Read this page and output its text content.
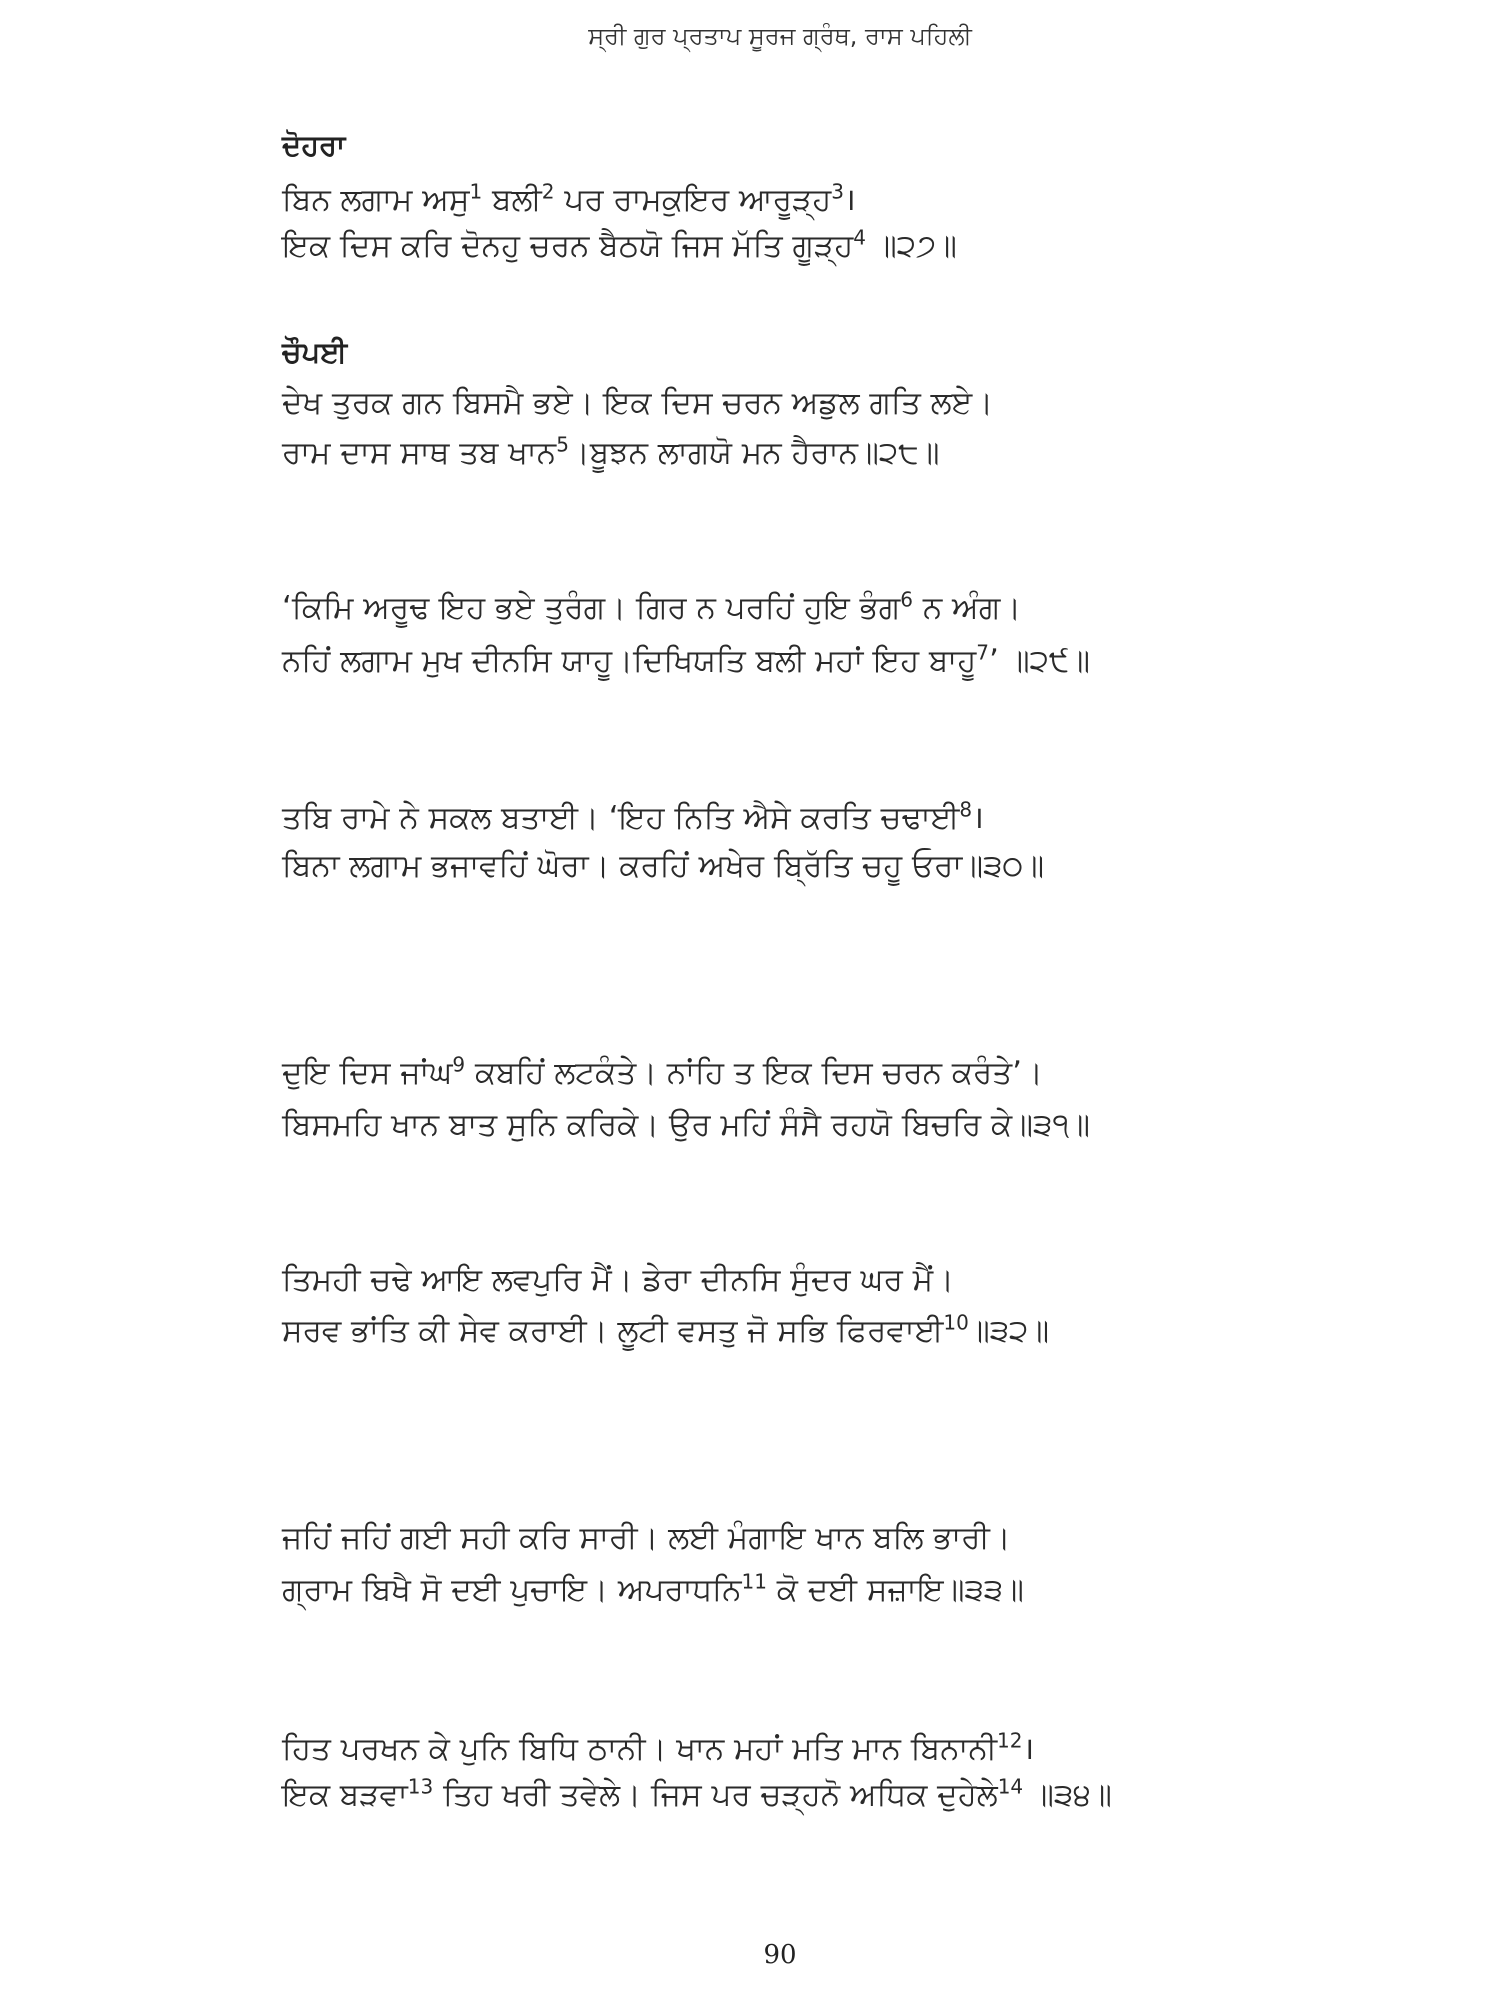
ਸ੍ਰੀ ਗੁਰ ਪ੍ਰਤਾਪ ਸੂਰਜ ਗ੍ਰੰਥ, ਰਾਸ ਪਹਿਲੀ
ਦੋਹਰਾ
ਬਿਨ ਲਗਾਮ ਅਸੁ$^1$ ਬਲੀ$^2$ ਪਰ ਰਾਮਕੁਇਰ ਆਰੂੜ੍ਹ$^3$।
ਇਕ ਦਿਸ ਕਰਿ ਦੋਨਹੁ ਚਰਨ ਬੈਠਯੋ ਜਿਸ ਮੱਤਿ ਗੂੜ੍ਹ$^4$ ॥੨੭॥
ਚੌਪਈ
ਦੇਖ ਤੁਰਕ ਗਨ ਬਿਸਮੈ ਭਏ। ਇਕ ਦਿਸ ਚਰਨ ਅਡੁਲ ਗਤਿ ਲਏ।
ਰਾਮ ਦਾਸ ਸਾਥ ਤਬ ਖਾਨ$^5$।ਬੂਝਨ ਲਾਗਯੋ ਮਨ ਹੈਰਾਨ॥੨੮॥
‘ਕਿਮਿ ਅਰੂਢ ਇਹ ਭਏ ਤੁਰੰਗ। ਗਿਰ ਨ ਪਰਹਿਂ ਹੁਇ ਭੰਗ$^6$ ਨ ਅੰਗ।
ਨਹਿਂ ਲਗਾਮ ਮੁਖ ਦੀਨਸਿ ਯਾਹੂ।ਦਿਖਿਯਤਿ ਬਲੀ ਮਹਾਂ ਇਹ ਬਾਹੂ$^7$’ ॥੨੯॥
ਤਬਿ ਰਾਮੇ ਨੇ ਸਕਲ ਬਤਾਈ। ‘ਇਹ ਨਿਤਿ ਐਸੇ ਕਰਤਿ ਚਢਾਈ$^8$।
ਬਿਨਾ ਲਗਾਮ ਭਜਾਵਹਿਂ ਘੋਰਾ। ਕਰਹਿਂ ਅਖੇਰ ਬ੍ਰਿੱਤਿ ਚਹੂ ਓਰਾ॥੩੦॥
ਦੁਇ ਦਿਸ ਜਾਂਘ$^9$ ਕਬਹਿਂ ਲਟਕੰਤੇ। ਨਾਂਹਿ ਤ ਇਕ ਦਿਸ ਚਰਨ ਕਰੰਤੇ’।
ਬਿਸਮਹਿ ਖਾਨ ਬਾਤ ਸੁਨਿ ਕਰਿਕੇ। ਉਰ ਮਹਿਂ ਸੰਸੈ ਰਹਯੋ ਬਿਚਰਿ ਕੇ॥੩੧॥
ਤਿਮਹੀ ਚਢੇ ਆਇ ਲਵਪੁਰਿ ਮੈਂ। ਡੇਰਾ ਦੀਨਸਿ ਸੁੰਦਰ ਘਰ ਮੈਂ।
ਸਰਵ ਭਾਂਤਿ ਕੀ ਸੇਵ ਕਰਾਈ। ਲੂਟੀ ਵਸਤੁ ਜੋ ਸਭਿ ਫਿਰਵਾਈ$^{10}$॥੩੨॥
ਜਹਿਂ ਜਹਿਂ ਗਈ ਸਹੀ ਕਰਿ ਸਾਰੀ। ਲਈ ਮੰਗਾਇ ਖਾਨ ਬਲਿ ਭਾਰੀ।
ਗ੍ਰਾਮ ਬਿਖੈ ਸੋ ਦਈ ਪੁਚਾਇ। ਅਪਰਾਧਨਿ$^{11}$ ਕੋ ਦਈ ਸਜ਼ਾਇ॥੩੩॥
ਹਿਤ ਪਰਖਨ ਕੇ ਪੁਨਿ ਬਿਧਿ ਠਾਨੀ। ਖਾਨ ਮਹਾਂ ਮਤਿ ਮਾਨ ਬਿਨਾਨੀ$^{12}$।
ਇਕ ਬੜਵਾ$^{13}$ ਤਿਹ ਖਰੀ ਤਵੇਲੇ। ਜਿਸ ਪਰ ਚੜ੍ਹਨੋ ਅਧਿਕ ਦੁਹੇਲੇ$^{14}$ ॥੩੪॥
90
